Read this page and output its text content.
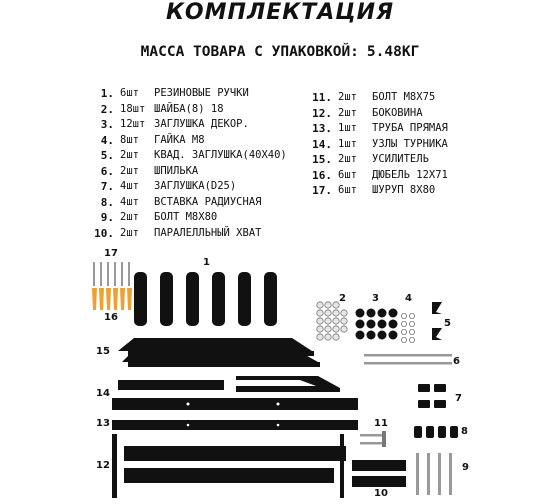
КОМПЛЕКТАЦИЯ
МАССА ТОВАРА С УПАКОВКОЙ: 5.48КГ
1. 6шт	РЕЗИНОВЫЕ РУЧКИ
2. 18шт ШАЙБА(8) 18
3. 12шт ЗАГЛУШКА ДЕКОР.
4. 8шт	ГАЙКА М8
5. 2шт	КВАД. ЗАГЛУШКА(40Х40)
6. 2шт	ШПИЛЬКА
7. 4шт	ЗАГЛУШКА(D25)
8. 4шт	ВСТАВКА РАДИУСНАЯ
9. 2шт	БОЛТ М8Х80
10. 2шт	ПАРАЛЕЛЛЬНЫЙ ХВАТ
11. 2шт	БОЛТ М8Х75
12. 2шт	БОКОВИНА
13. 1шт	ТРУБА ПРЯМАЯ
14. 1шт	УЗЛЫ ТУРНИКА
15. 2шт	УСИЛИТЕЛЬ
16. 6шт	ДЮБЕЛЬ 12Х71
17. 6шт	ШУРУП 8Х80
17
16
1
2	3	4
5
6
15
7
14
13	11
8
12	9
10
